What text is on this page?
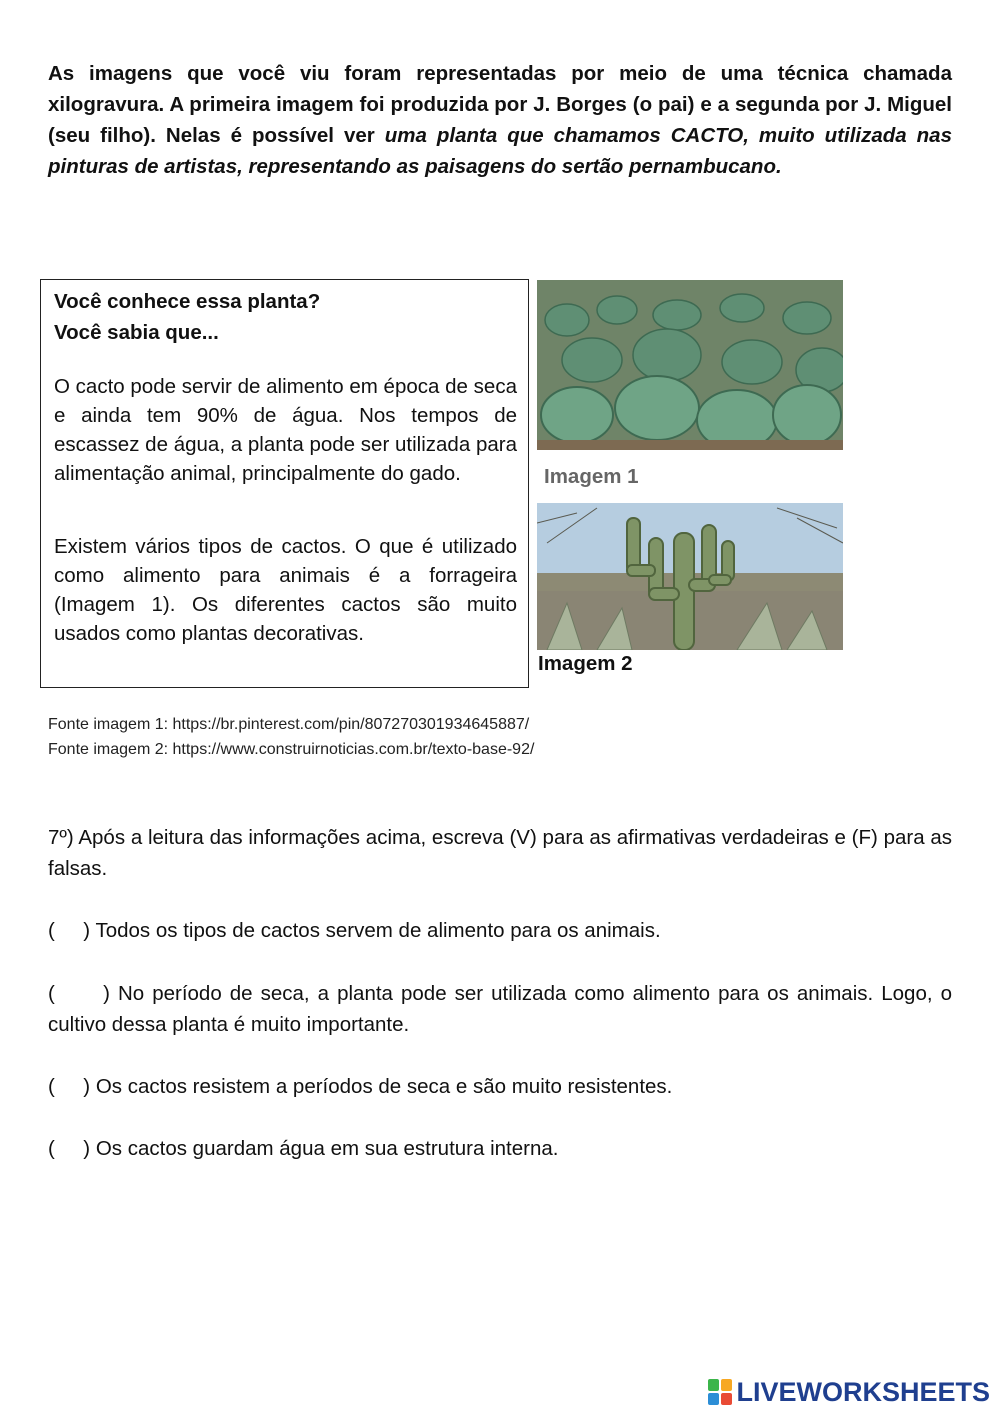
As imagens que você viu foram representadas por meio de uma técnica chamada xilogravura. A primeira imagem foi produzida por J. Borges (o pai) e a segunda por J. Miguel (seu filho). Nelas é possível ver uma planta que chamamos CACTO, muito utilizada nas pinturas de artistas, representando as paisagens do sertão pernambucano.
Você conhece essa planta?
Você sabia que...
O cacto pode servir de alimento em época de seca e ainda tem 90% de água. Nos tempos de escassez de água, a planta pode ser utilizada para alimentação animal, principalmente do gado.
Existem vários tipos de cactos. O que é utilizado como alimento para animais é a forrageira (Imagem 1). Os diferentes cactos são muito usados como plantas decorativas.
Imagem 1
Imagem 2
Fonte imagem 1: https://br.pinterest.com/pin/807270301934645887/
Fonte imagem 2: https://www.construirnoticias.com.br/texto-base-92/
7º) Após a leitura das informações acima, escreva (V) para as afirmativas verdadeiras e (F) para as falsas.
(     ) Todos os tipos de cactos servem de alimento para os animais.
(      ) No período de seca, a planta pode ser utilizada como alimento para os animais. Logo, o cultivo dessa planta é muito importante.
(     ) Os cactos resistem a períodos de seca e são muito resistentes.
(     ) Os cactos guardam água em sua estrutura interna.
LIVEWORKSHEETS
